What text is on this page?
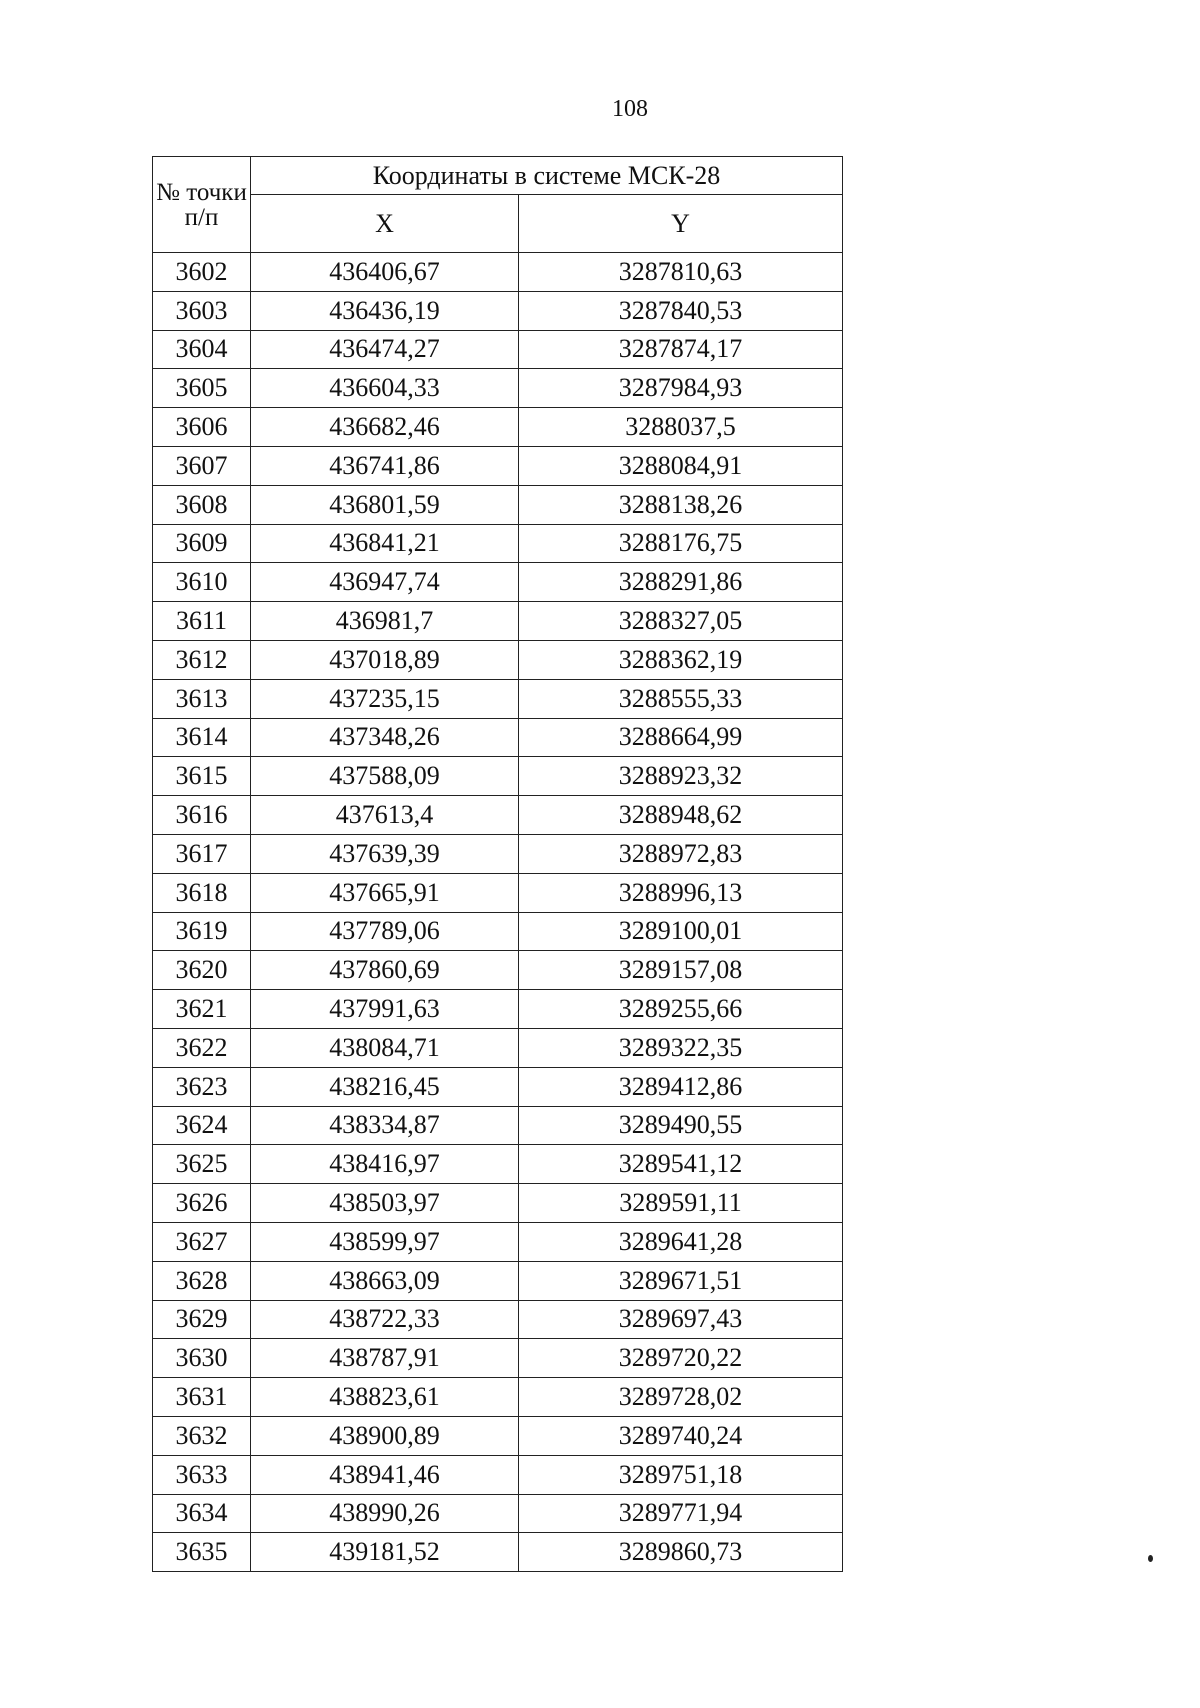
108
№ точки п/п	Координаты в системе МСК-28	
	X	Y
3602	436406,67	3287810,63
3603	436436,19	3287840,53
3604	436474,27	3287874,17
3605	436604,33	3287984,93
3606	436682,46	3288037,5
3607	436741,86	3288084,91
3608	436801,59	3288138,26
3609	436841,21	3288176,75
3610	436947,74	3288291,86
3611	436981,7	3288327,05
3612	437018,89	3288362,19
3613	437235,15	3288555,33
3614	437348,26	3288664,99
3615	437588,09	3288923,32
3616	437613,4	3288948,62
3617	437639,39	3288972,83
3618	437665,91	3288996,13
3619	437789,06	3289100,01
3620	437860,69	3289157,08
3621	437991,63	3289255,66
3622	438084,71	3289322,35
3623	438216,45	3289412,86
3624	438334,87	3289490,55
3625	438416,97	3289541,12
3626	438503,97	3289591,11
3627	438599,97	3289641,28
3628	438663,09	3289671,51
3629	438722,33	3289697,43
3630	438787,91	3289720,22
3631	438823,61	3289728,02
3632	438900,89	3289740,24
3633	438941,46	3289751,18
3634	438990,26	3289771,94
3635	439181,52	3289860,73
